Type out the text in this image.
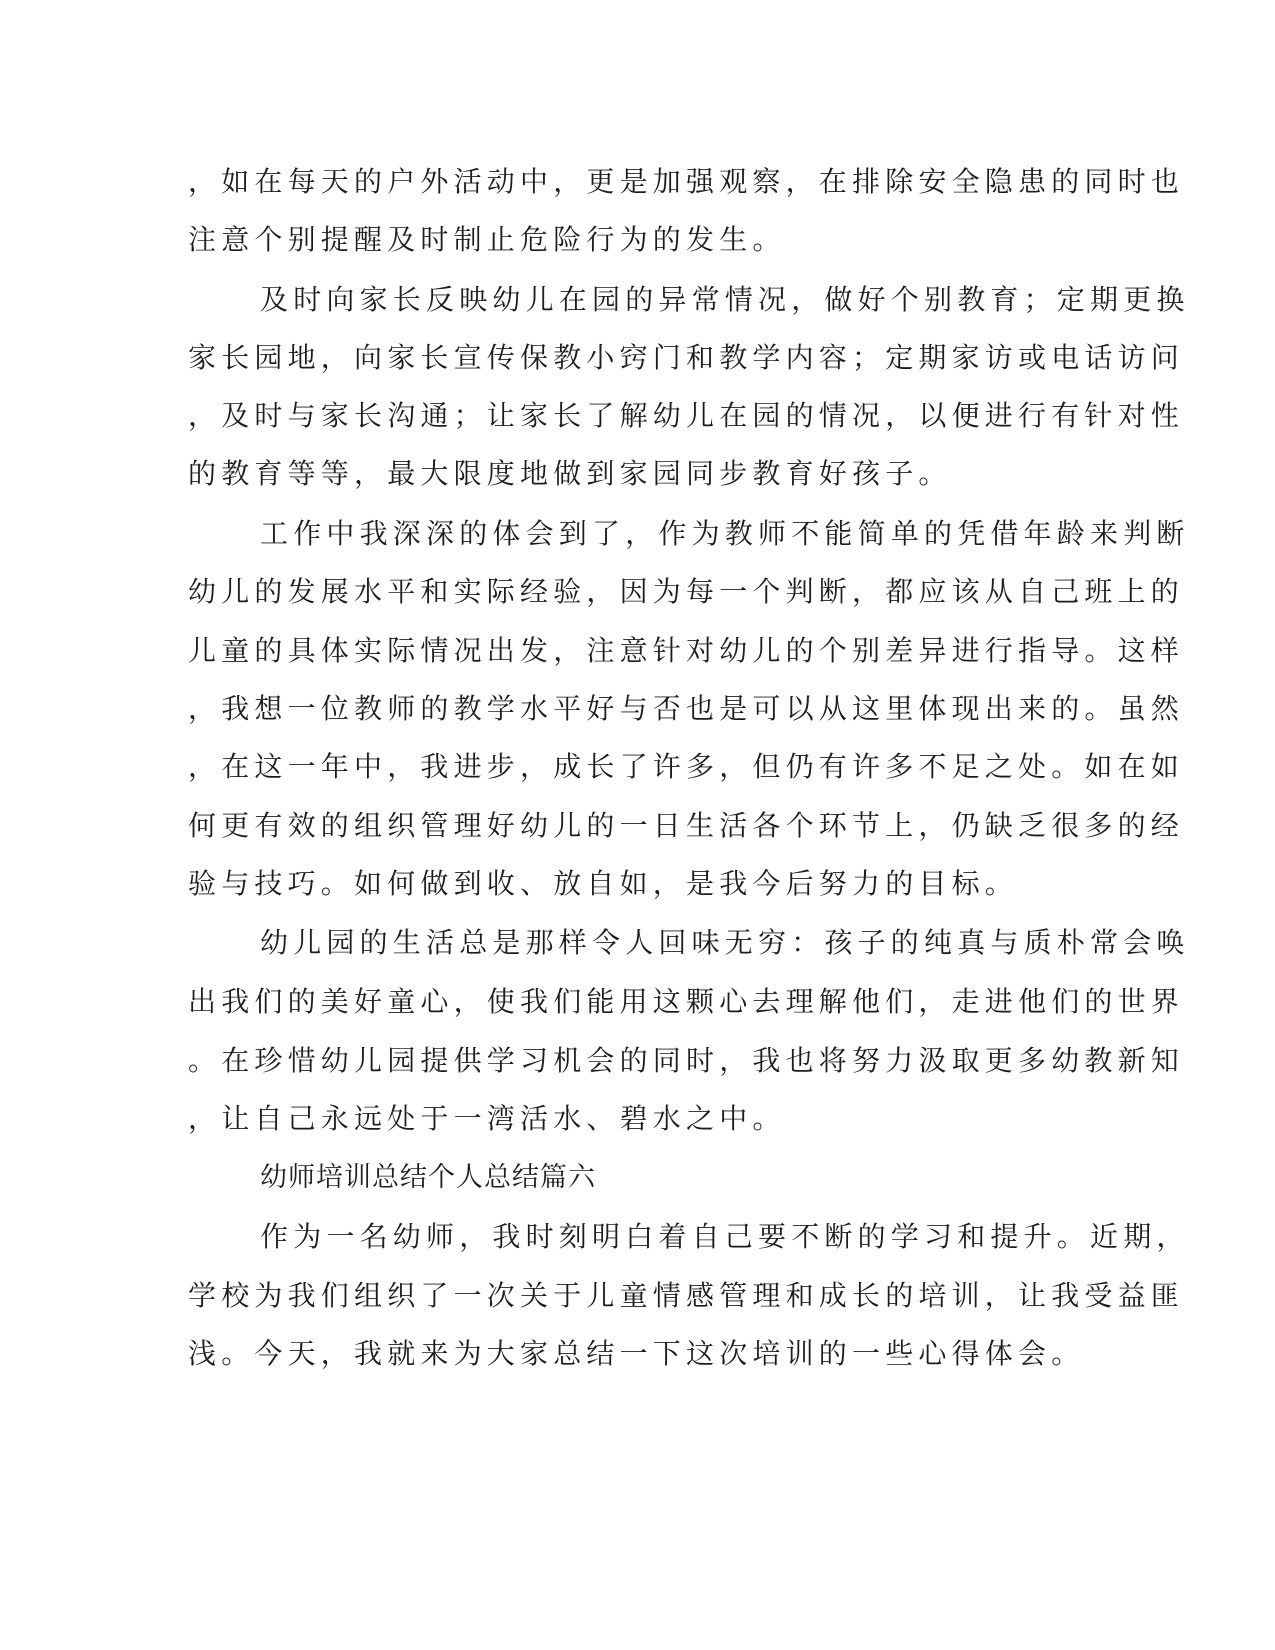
，如在每天的户外活动中，更是加强观察，在排除安全隐患的同时也
注意个别提醒及时制止危险行为的发生。
及时向家长反映幼儿在园的异常情况，做好个别教育；定期更换
家长园地，向家长宣传保教小窍门和教学内容；定期家访或电话访问
，及时与家长沟通；让家长了解幼儿在园的情况，以便进行有针对性
的教育等等，最大限度地做到家园同步教育好孩子。
工作中我深深的体会到了，作为教师不能简单的凭借年龄来判断
幼儿的发展水平和实际经验，因为每一个判断，都应该从自己班上的
儿童的具体实际情况出发，注意针对幼儿的个别差异进行指导。这样
，我想一位教师的教学水平好与否也是可以从这里体现出来的。虽然
，在这一年中，我进步，成长了许多，但仍有许多不足之处。如在如
何更有效的组织管理好幼儿的一日生活各个环节上，仍缺乏很多的经
验与技巧。如何做到收、放自如，是我今后努力的目标。
幼儿园的生活总是那样令人回味无穷：孩子的纯真与质朴常会唤
出我们的美好童心，使我们能用这颗心去理解他们，走进他们的世界
。在珍惜幼儿园提供学习机会的同时，我也将努力汲取更多幼教新知
，让自己永远处于一湾活水、碧水之中。
幼师培训总结个人总结篇六
作为一名幼师，我时刻明白着自己要不断的学习和提升。近期，
学校为我们组织了一次关于儿童情感管理和成长的培训，让我受益匪
浅。今天，我就来为大家总结一下这次培训的一些心得体会。
